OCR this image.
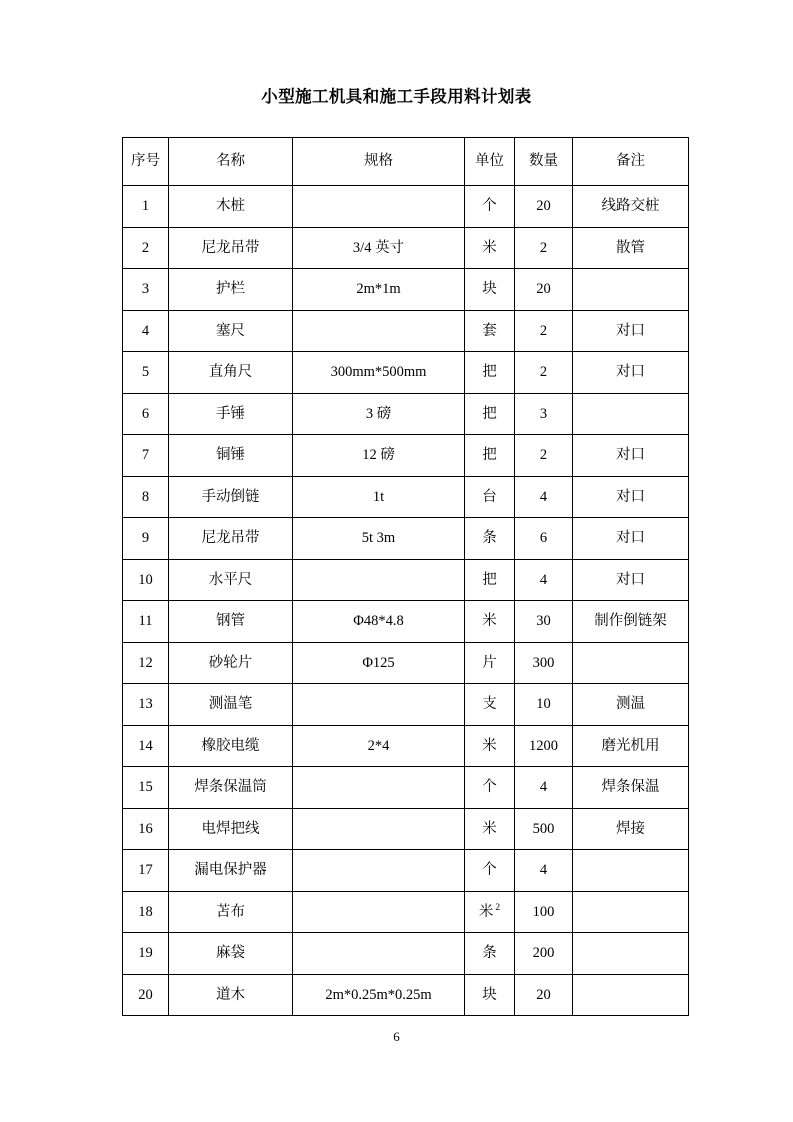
小型施工机具和施工手段用料计划表
序号	名称	规格	单位	数量	备注
1	木桩		个	20	线路交桩
2	尼龙吊带	3/4 英寸	米	2	散管
3	护栏	2m*1m	块	20	
4	塞尺		套	2	对口
5	直角尺	300mm*500mm	把	2	对口
6	手锤	3 磅	把	3	
7	铜锤	12 磅	把	2	对口
8	手动倒链	1t	台	4	对口
9	尼龙吊带	5t 3m	条	6	对口
10	水平尺		把	4	对口
11	钢管	Φ48*4.8	米	30	制作倒链架
12	砂轮片	Φ125	片	300	
13	测温笔		支	10	测温
14	橡胶电缆	2*4	米	1200	磨光机用
15	焊条保温筒		个	4	焊条保温
16	电焊把线		米	500	焊接
17	漏电保护器		个	4	
18	苫布		米 $^2$	100	
19	麻袋		条	200	
20	道木	2m*0.25m*0.25m	块	20	
6
